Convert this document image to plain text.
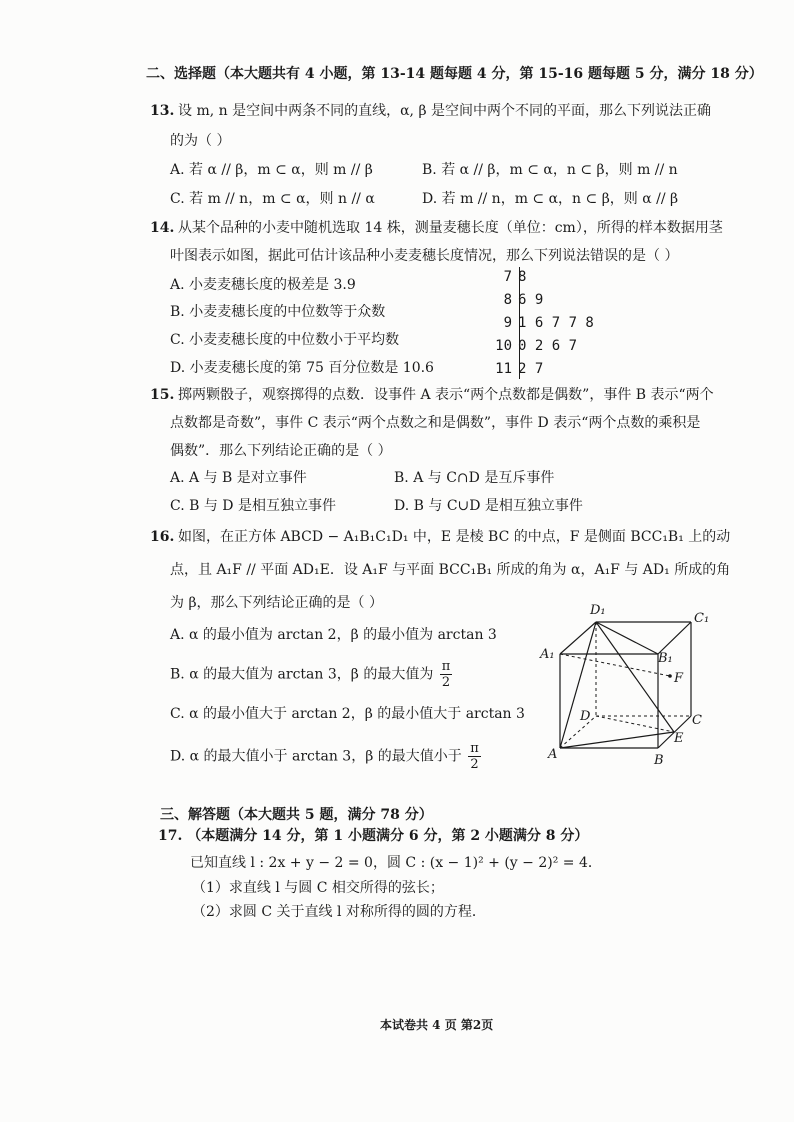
二、选择题（本大题共有 4 小题，第 13-14 题每题 4 分，第 15-16 题每题 5 分，满分 18 分）
13. 设 m, n 是空间中两条不同的直线，α, β 是空间中两个不同的平面，那么下列说法正确
的为（ ）
A. 若 α // β，m ⊂ α，则 m // β	B. 若 α // β，m ⊂ α，n ⊂ β，则 m // n
C. 若 m // n，m ⊂ α，则 n // α	D. 若 m // n，m ⊂ α，n ⊂ β，则 α // β
14. 从某个品种的小麦中随机选取 14 株，测量麦穗长度（单位：cm），所得的样本数据用茎
叶图表示如图，据此可估计该品种小麦麦穗长度情况，那么下列说法错误的是（ ）
A. 小麦麦穗长度的极差是 3.9
B. 小麦麦穗长度的中位数等于众数
C. 小麦麦穗长度的中位数小于平均数
D. 小麦麦穗长度的第 75 百分位数是 10.6
7 8
8 6 9
9 1 6 7 7 8
10 0 2 6 7
11 2 7
15. 掷两颗骰子，观察掷得的点数．设事件 A 表示“两个点数都是偶数”，事件 B 表示“两个
点数都是奇数”，事件 C 表示“两个点数之和是偶数”，事件 D 表示“两个点数的乘积是
偶数”．那么下列结论正确的是（ ）
A. A 与 B 是对立事件	B. A 与 C∩D 是互斥事件
C. B 与 D 是相互独立事件	D. B 与 C∪D 是相互独立事件
16. 如图，在正方体 ABCD − A₁B₁C₁D₁ 中，E 是棱 BC 的中点，F 是侧面 BCC₁B₁ 上的动
点，且 A₁F // 平面 AD₁E．设 A₁F 与平面 BCC₁B₁ 所成的角为 α，A₁F 与 AD₁ 所成的角
为 β，那么下列结论正确的是（ ）
A. α 的最小值为 arctan 2，β 的最小值为 arctan 3
B. α 的最大值为 arctan 3，β 的最大值为 $\frac{\pi}{2}$
C. α 的最小值大于 arctan 2，β 的最小值大于 arctan 3
D. α 的最大值小于 arctan 3，β 的最大值小于 $\frac{\pi}{2}$
A₁
D₁
C₁
B₁
F
D	C
E
A	B
三、解答题（本大题共 5 题，满分 78 分）
17. （本题满分 14 分，第 1 小题满分 6 分，第 2 小题满分 8 分）
已知直线 l : 2x + y − 2 = 0，圆 C : (x − 1)² + (y − 2)² = 4．
（1）求直线 l 与圆 C 相交所得的弦长；
（2）求圆 C 关于直线 l 对称所得的圆的方程．
本试卷共 4 页 第2页
